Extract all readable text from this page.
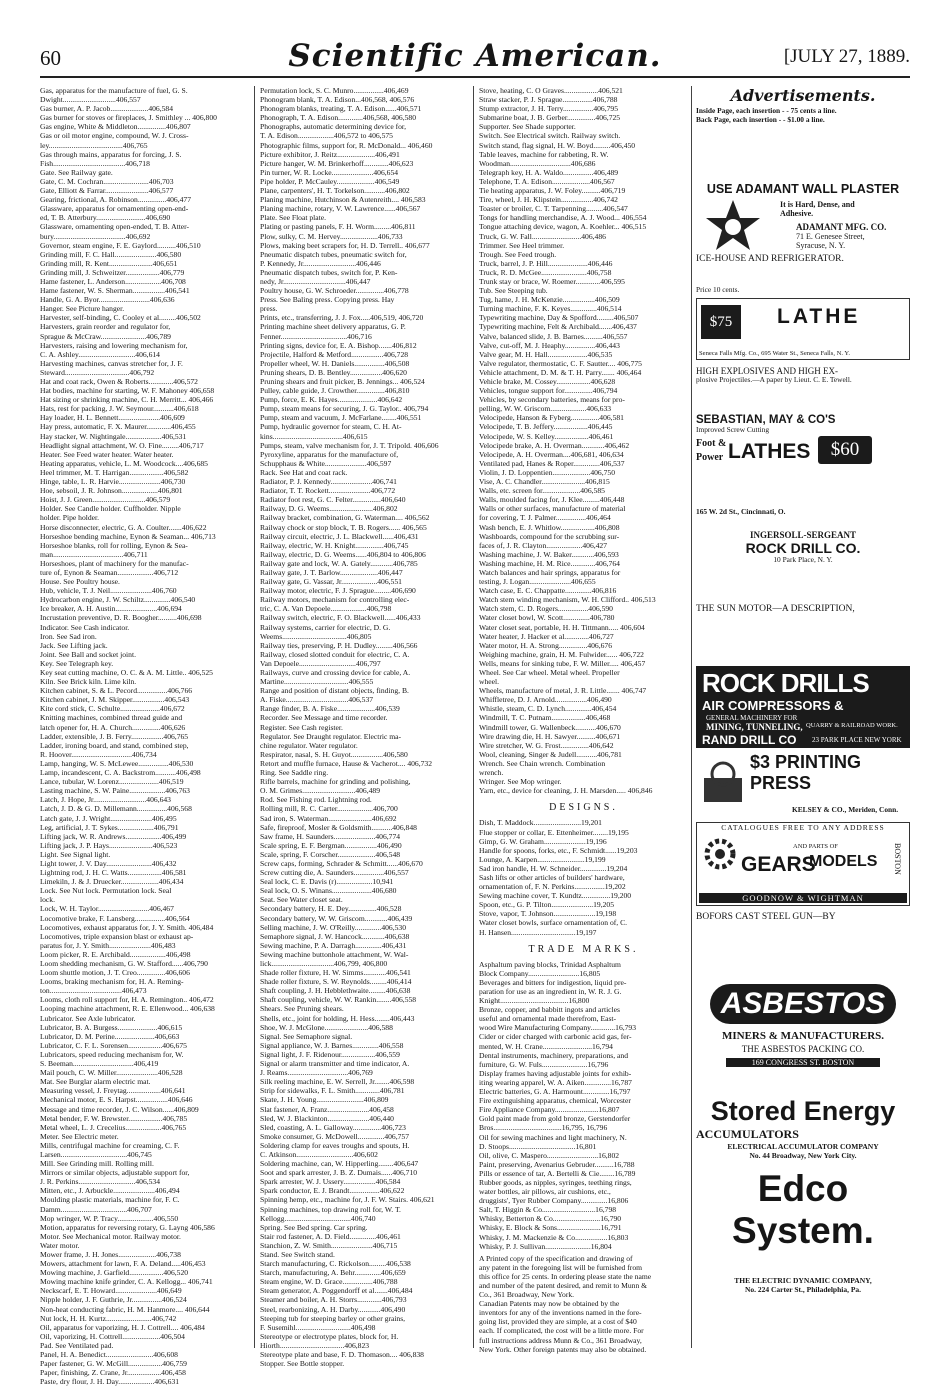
60	Scientific American.	[JULY 27, 1889.
Gas, apparatus for the manufacture of fuel, G. S.
Dwight............................406,557
Gas burner, A. P. Jacob....................406,584
Gas burner for stoves or fireplaces, J. Smithley ... 406,800
Gas engine, White & Middleton...............406,807
Gas or oil motor engine, compound, W. J. Cross-
ley.......................................406,765
Gas through mains, apparatus for forcing, J. S.
Fish......................................406,718
Gate. See Railway gate.
Gate, C. M. Cochran........................406,703
Gate, Elliott & Farrar.......................406,577
Gearing, frictional, A. Robinson...............406,477
Glassware, apparatus for ornamenting open-end-
ed, T. B. Atterbury..........................406,690
Glassware, ornamenting open-ended, T. B. Atter-
bury......................................406,692
Governor, steam engine, F. E. Gaylord..........406,510
Grinding mill, F. C. Hall......................406,580
Grinding mill, R. Kent.......................406,651
Grinding mill, J. Schweitzer..................406,779
Hame fastener, L. Anderson...................406,708
Hame fastener, W. S. Sherman.................406,541
Handle, G. A. Byor...........................406,636
Hanger. See Picture hanger.
Harvester, self-binding, C. Cooley et al.........406,502
Harvesters, grain reorder and regulator for,
Sprague & McCraw........................406,789
Harvesters, raising and lowering mechanism for,
C. A. Ashley..............................406,614
Harvesting machines, canvas stretcher for, J. F.
Steward..................................406,792
Hat and coat rack, Owen & Roberts.............406,572
Hat bodies, machine for starting, W. F. Mahoney 406,658
Hat sizing or shrinking machine, C. H. Merritt... 406,466
Hats, rest for packing, J. W. Seymour...........406,618
Hay loader, H. L. Bennett......................406,609
Hay press, automatic, F. X. Maurer.............406,455
Hay stacker, W. Nightingale...................406,531
Headlight signal attachment, W. O. Fine.........406,717
Heater. See Feed water heater. Water heater.
Heating apparatus, vehicle, L. M. Woodcock....406,685
Heel trimmer, M. T. Harrigan..................406,582
Hinge, table, L. R. Harvie......................406,730
Hoe, sebsoil, J. R. Johnson...................406,801
Hoist, J. J. Green............................406,579
Holder. See Candle holder. Cuffholder. Nipple
holder. Pipe holder.
Horse disconnecter, electric, G. A. Coulter.......406,622
Horseshoe bending machine, Eynon & Seaman... 406,713
Horseshoe blanks, roll for rolling, Eynon & Sea-
man.....................................406,711
Horseshoes, plant of machinery for the manufac-
ture of, Eynon & Seaman...................406,712
House. See Poultry house.
Hub, vehicle, T. J. Neil......................406,760
Hydrocarbon engine, J. W. Schiltz..............406,540
Ice breaker, A. H. Austin......................406,694
Incrustation preventive, D. R. Boogher..........406,698
Indicator. See Cash indicator.
Iron. See Sad iron.
Jack. See Lifting jack.
Joint. See Ball and socket joint.
Key. See Telegraph key.
Key seat cutting machine, O. C. & A. M. Little.. 406,525
Kiln. See Brick kiln. Lime kiln.
Kitchen cabinet, S. & L. Pecord................406,766
Kitchen cabinet, J. M. Skipper.................406,543
Kite cord stick, C. Schulte.....................406,672
Knitting machines, combined thread guide and
latch opener for, H. A. Church...............406,626
Ladder, extensible, J. B. Ferry.................406,765
Ladder, ironing board, and stand, combined step,
R. Hoover................................406,734
Lamp, hanging, W. S. McLewee................406,530
Lamp, incandescent, C. A. Backstrom...........406,498
Lance, tubular, W. Lorenz.....................406,519
Lasting machine, S. W. Paine...................406,763
Latch, J. Hope, Jr............................406,643
Latch, J. D. & G. D. Millemann................406,568
Latch gate, J. J. Wright......................406,495
Leg, artificial, J. T. Sykes...................406,791
Lifting jack, W. R. Andrews...................406,499
Lifting jack, J. P. Hays.......................406,523
Light. See Signal light.
Light tower, J. V. Day........................406,432
Lightning rod, J. H. C. Watts..................406,581
Limekiln, J. & J. Druecker....................406,434
Lock. See Nut lock. Permutation lock. Seal
lock.
Lock, W. H. Taylor...........................406,467
Locomotive brake, F. Lansberg................406,564
Locomotives, exhaust apparatus for, J. Y. Smith. 406,484
Locomotives, triple expansion blast or exhaust ap-
paratus for, J. Y. Smith......................406,483
Loom picker, R. E. Archibald...................406,498
Loom shedding mechanism, G. W. Stafford......406,790
Loom shuttle motion, J. T. Creo...............406,606
Looms, braking mechanism for, H. A. Reming-
ton......................................406,473
Looms, cloth roll support for, H. A. Remington.. 406,472
Looping machine attachment, R. E. Ellenwood... 406,638
Lubricator. See Axle lubricator.
Lubricator, B. A. Burgess.....................406,615
Lubricator, D. M. Perine.....................406,663
Lubricator, C. F. L. Sorensen..................406,675
Lubricators, speed reducing mechanism for, W.
S. Beeman................................406,419
Mail pouch, C. W. Miller......................406,528
Mat. See Burglar alarm electric mat.
Measuring vessel, J. Freytag..................406,641
Mechanical motor, E. S. Harpst.................406,646
Message and time recorder, J. C. Wilson......406,809
Metal bender, F. W. Brewster..................406,785
Metal wheel, L. J. Crecelius...................406,765
Meter. See Electric meter.
Mills, centrifugal machine for creaming, C. F.
Larsen...................................406,745
Mill. See Grinding mill. Rolling mill.
Mirrors or similar objects, adjustable support for,
J. R. Perkins..............................406,534
Mitten, etc., J. Arbuckle......................406,494
Moulding plastic materials, machine for, F. C.
Damm...................................406,707
Mop wringer, W. P. Tracy...................406,550
Motion, apparatus for reversing rotary, G. Layng 406,586
Motor. See Mechanical motor. Railway motor.
Water motor.
Mower frame, J. H. Jones....................406,738
Mowers, attachment for lawn, F. A. Deland.....406,453
Mowing machine, J. Garfield..................406,520
Mowing machine knife grinder, C. A. Kellogg... 406,741
Neckscarf, E. T. Howard......................406,649
Nipple holder, J. F. Guthrie, Jr................406,524
Non-heat conducting fabric, H. M. Hanmore.... 406,644
Nut lock, H. H. Kurtz........................406,742
Oil, apparatus for vaporizing, H. J. Cottrell.... 406,484
Oil, vaporizing, H. Cottrell....................406,504
Pad. See Ventilated pad.
Panel, H. A. Benedict.........................406,608
Paper fastener, G. W. McGill..................406,759
Paper, finishing, Z. Crane, Jr..................406,458
Paste, dry flour, J. H. Day...................406,631
Permutation lock, S. C. Munro................406,469
Phonogram blank, T. A. Edison...406,568, 406,576
Phonogram blanks, treating, T. A. Edison......406,571
Phonograph, T. A. Edison.............406,568, 406,580
Phonographs, automatic determining device for,
T. A. Edison...................406,572 to 406,575
Photographic films, support for, R. McDonald... 406,460
Picture exhibitor, J. Reitz....................406,491
Picture hanger, W. M. Brinkerhoff.............406,623
Pin turner, W. R. Locke......................406,654
Pipe holder, P. McCauley....................406,549
Plane, carpenters', H. T. Torkelson...........406,802
Planing machine, Hutchinson & Autenreith.... 406,583
Planing machine, rotary, V. W. Lawrence......406,567
Plate. See Float plate.
Plating or pasting panels, F. H. Worm.........406,811
Plow, sulky, C. M. Hervey....................406,733
Plows, making beet scrapers for, H. D. Terrell.. 406,677
Pneumatic dispatch tubes, pneumatic switch for,
P. Kennedy, Jr............................406,446
Pneumatic dispatch tubes, switch for, P. Ken-
nedy, Jr.................................406,447
Poultry house, G. W. Schroeder...............406,778
Press. See Baling press. Copying press. Hay
press.
Prints, etc., transferring, J. J. Fox.....406,519, 406,720
Printing machine sheet delivery apparatus, G. P.
Fenner...................................406,716
Printing signs, device for, E. A. Bishop.......406,812
Projectile, Halford & Metford.................406,728
Propeller wheel, W. H. Daniels................406,508
Pruning shears, D. B. Bentley.................406,620
Pruning shears and fruit picker, B. Jennings... 406,524
Pulley, cable guide, J. Crowther...............406,810
Pump, force, E. K. Hayes.....................406,642
Pump, steam means for securing, J. G. Taylor.. 406,794
Pump, steam and vacuum, J. McFarlane........406,551
Pump, hydraulic governor for steam, C. H. At-
kins.....................................406,615
Pumps, steam, valve mechanism for, J. T. Tripold. 406,606
Pyroxyline, apparatus for the manufacture of,
Schupphaus & White......................406,597
Rack. See Hat and coat rack.
Radiator, P. J. Kennedy......................406,741
Radiator, T. T. Rockett......................406,772
Radiator foot rest, G. C. Felter...............406,640
Railway, D. G. Weems.......................406,802
Railway bracket, combination, G. Waterman.... 406,562
Railway chock or stop block, T. B. Rogers...... 406,565
Railway circuit, electric, J. L. Blackwell......406,431
Railway, electric, W. H. Knight...............406,745
Railway, electric, D. G. Weems......406,804 to 406,806
Railway gate and lock, W. A. Gately............406,785
Railway gate, J. T. Barlow....................406,447
Railway gate, G. Vassar, Jr...................406,551
Railway motor, electric, F. J. Sprague.........406,690
Railway motors, mechanism for controlling elec-
tric, C. A. Van Depoele...................406,798
Railway switch, electric, F. O. Blackwell......406,433
Railway systems, carrier for electric, D. G.
Weems..................................406,805
Railway ties, preserving, P. H. Dudley.........406,566
Railway, closed slotted conduit for electric, C. A.
Van Depoele..............................406,797
Railways, curve and crossing device for cable, A.
Martine..................................406,555
Range and position of distant objects, finding, B.
A. Fiske.................................406,537
Range finder, B. A. Fiske....................406,539
Recorder. See Message and time recorder.
Register. See Cash register.
Regulator. See Draught regulator. Electric ma-
chine regulator. Water regulator.
Respirator, nasal, S. H. Guyot.................406,580
Retort and muffle furnace, Hause & Vacherot.... 406,732
Ring. See Saddle ring.
Rifle barrels, machine for grinding and polishing,
O. M. Grimes............................406,489
Rod. See Fishing rod. Lightning rod.
Rolling mill, R. C. Carter...................406,700
Sad iron, S. Waterman.......................406,692
Safe, fireproof, Mosler & Goldsmith...........406,848
Saw frame, H. Saunders......................406,774
Scale spring, E. F. Bergman.................406,490
Scale, spring, F. Corscher....................406,548
Screw caps, forming, Schrader & Schmitt......406,670
Screw cutting die, A. Saunders................406,557
Seal lock, C. E. Davis (r)...................10,941
Seal lock, O. S. Winans.....................406,680
Seat. See Water closet seat.
Secondary battery, H. E. Dey...............406,528
Secondary battery, W. W. Griscom............406,439
Selling machine, J. W. O'Reilly..............406,530
Semaphore signal, J. W. Hancock............406,638
Sewing machine, P. A. Darragh..............406,431
Sewing machine buttonhole attachment, W. Wal-
lick.................................406,799, 406,800
Shade roller fixture, H. W. Simms............406,541
Shade roller fixture, S. W. Reynolds.........406,414
Shaft coupling, J. H. Hebblethwaite.........406,638
Shaft coupling, vehicle, W. W. Rankin........406,558
Shears. See Pruning shears.
Shells, etc., joint for holding, H. Hess........406,443
Shoe, W. J. McGlone.......................406,588
Signal. See Semaphore signal.
Signal appliance, W. J. Barnes..............406,558
Signal light, J. F. Ridenour..................406,559
Signal or alarm transmitter and time indicator, A.
J. Reams................................406,769
Silk reeling machine, E. W. Serrell, Jr........406,598
Strip for sidewalks, F. L. Smith.............406,781
Skate, J. H. Young.........................406,809
Slat fastener, A. Franz......................406,458
Sled, W. J. Blackinton......................406,440
Sled, coasting, A. L. Galloway...............406,723
Smoke consumer, G. McDowell..............406,757
Soldering clamp for eaves troughs and spouts, H.
C. Atkinson..............................406,602
Soldering machine, can, W. Hipperling........406,647
Soot and spark arrester, J. B. Z. Dumais......406,710
Spark arrester, W. J. Ussery.................406,584
Spark conductor, E. J. Brandt................406,622
Spinning hemp, etc., machine for, J. F. W. Stairs. 406,621
Spinning machines, top drawing roll for, W. T.
Kellogg...................................406,740
Spring. See Bed spring. Car spring.
Stair rod fastener, A. D. Field..............406,461
Stanchion, Z. W. Smith......................406,715
Stand. See Switch stand.
Starch manufacturing, C. Rickolson.........406,538
Starch, manufacturing, A. Behr..............406,659
Steam engine, W. D. Grace................406,788
Steam generator, A. Poggendorff et al.......406,484
Steamer and boiler, A. H. Storrs.............406,793
Steel, rearbonizing, A. H. Darby............406,490
Steeping tub for steeping barley or other grains,
F. Susemihl.............................406,498
Stereotype or electrotype plates, block for, H.
Hiorth..................................406,823
Stereotype plate and base, F. D. Thomason.... 406,838
Stopper. See Bottle stopper.
Stove, heating, C. O Graves..................406,521
Straw stacker, P. J. Sprague................406,788
Stump extractor, J. H. Terry................406,795
Submarine boat, J. B. Gerber...............406,725
Supporter. See Shade supporter.
Switch. See Electrical switch. Railway switch.
Switch stand, flag signal, H. W. Boyd.........406,450
Table leaves, machine for rabbeting, R. W.
Woodman................................406,686
Telegraph key, H. A. Waldo................406,489
Telephone, T. A. Edison....................406,567
Tie heating apparatus, J. W. Foley..........406,719
Tire, wheel, J. H. Klipstein.................406,742
Toaster or broiler, C. T. Tarpenning.........406,547
Tongs for handling merchandise, A. J. Wood... 406,554
Tongue attaching device, wagon, A. Koehler... 406,515
Truck, G. W. Fall..........................406,486
Trimmer. See Heel trimmer.
Trough. See Feed trough.
Truck, barrel, J. P. Hill.....................406,446
Truck, R. D. McGee........................406,758
Trunk stay or brace, W. Roemer.............406,595
Tub. See Steeping tub.
Tug, hame, J. H. McKenzie.................406,509
Turning machine, F. K. Keyes..............406,514
Typewriting machine, Day & Spofford.........406,507
Typewriting machine, Felt & Archibald.......406,437
Valve, balanced slide, J. B. Barnes..........406,557
Valve, cut-off, M. J. Heaphy................406,443
Valve gear, M. H. Hall.....................406,535
Valve regulator, thermostatic, C. F. Sautter.... 406,775
Vehicle attachment, D. M. & T. H. Parry....... 406,464
Vehicle brake, M. Cossey..................406,628
Vehicles, tongue support for...............406,794
Vehicles, by secondary batteries, means for pro-
pelling, W. W. Griscom...................406,633
Velocipede, Hanson & Fyberg...............406,581
Velocipede, T. B. Jeffery..................406,445
Velocipede, W. S. Kelley..................406,461
Velocipede brake, A. H. Overman............406,462
Velocipede, A. H. Overman....406,681, 406,634
Ventilated pad, Hanes & Roper..............406,537
Violin, J. D. Loppentien....................406,750
Vise, A. C. Chandler.......................406,815
Walls, etc. screen for....................406,585
Walls, moulded facing for, J. Klee.........406,448
Walls or other surfaces, manufacture of material
for covering, T. J. Palmer................406,464
Wash bench, E. J. Whitlow..................406,808
Washboards, compound for the scrubbing sur-
faces of, J. R. Clayton...................406,427
Washing machine, J. W. Baker............406,593
Washing machine, H. M. Rice.............406,764
Watch balances and hair springs, apparatus for
testing, J. Logan......................406,655
Watch case, E. C. Chappatte..............406,816
Watch stem winding mechanism, W. H. Clifford.. 406,513
Watch stem, C. D. Rogers................406,590
Water closet bowl, W. Scott..............406,780
Water closet seat, portable, H. H. Tittmann..... 406,604
Water heater, J. Hacker et al.............406,727
Water motor, H. A. Strong...............406,676
Weighing machine, grain, H. M. Fulwider...... 406,722
Wells, means for sinking tube, F. W. Miller..... 406,457
Wheel. See Car wheel. Metal wheel. Propeller
wheel.
Wheels, manufacture of metal, J. R. Little....... 406,747
Whiffletree, D. J. Arnold.................406,490
Whistle, steam, C. D. Lynch..............406,454
Windmill, T. C. Putnam..................406,468
Windmill tower, G. Wallenbeck...........406,670
Wire drawing die, H. H. Sawyer..........406,671
Wire stretcher, W. G. Frost...............406,642
Wool, cleaning, Singer & Judell...........406,781
Wrench. See Chain wrench. Combination
wrench.
Wringer. See Mop wringer.
Yarn, etc., device for cleaning, J. H. Marsden..... 406,846
DESIGNS.
Dish, T. Maddock.........................19,201
Flue stopper or collar, E. Ettenheimer........19,195
Gimp, G. W. Graham......................19,196
Handle for spoons, forks, etc., F. Schmidt......19,203
Lounge, A. Karpen.........................19,199
Sad iron handle, H. W. Schneider..............19,204
Sash lifts or other articles of builders' hardware,
ornamentation of, F. N. Perkins................19,202
Sewing machine cover, T. Kundtz...............19,200
Spoon, etc., G. P. Tilton......................19,205
Stove, vapor, T. Johnson......................19,198
Water closet bowls, surface ornamentation of, C.
H. Hansen..................................19,197
TRADE MARKS.
Asphaltum paving blocks, Trinidad Asphaltum
Block Company...........................16,805
Beverages and bitters for indigestion, liquid pre-
paration for use as an ingredient in, W. R. J. G.
Knight....................................16,800
Bronze, copper, and babbitt ingots and articles
useful and ornamental made therefrom, East-
wood Wire Manufacturing Company.............16,793
Cider or cider charged with carbonic acid gas, fer-
mented, W. H. Crane..........................16,794
Dental instruments, machinery, preparations, and
furniture, G. W. Fuls........................16,796
Display frames having adjustable joints for exhib-
iting wearing apparel, W. A. Aiken..............16,787
Electric batteries, G. A. Harmount..............16,797
Fire extinguishing apparatus, chemical, Worcester
Fire Appliance Company.......................16,807
Gold paint made from gold bronze, Gerstendorfer
Bros....................................16,795, 16,796
Oil for sewing machines and light machinery, N.
D. Stoops...................................16,801
Oil, olive, C. Maspero...........................16,802
Paint, preserving, Avenarius Gebruder..........16,788
Pills or essence of tar, A. Bertelli & Cie........16,789
Rubber goods, as nipples, syringes, teething rings,
water bottles, air pillows, air cushions, etc.,
druggists', Tyer Rubber Company..............16,806
Salt, T. Higgin & Co............................16,798
Whisky, Betterton & Co.........................16,790
Whisky, E. Block & Sons.......................16,791
Whisky, J. M. Mackenzie & Co.................16,803
Whisky, P. J. Sullivan........................16,804
A Printed copy of the specification and drawing of
any patent in the foregoing list will be furnished from
this office for 25 cents. In ordering please state the name
and number of the patent desired, and remit to Munn &
Co., 361 Broadway, New York.
Canadian Patents may now be obtained by the
inventors for any of the inventions named in the fore-
going list, provided they are simple, at a cost of $40
each. If complicated, the cost will be a little more. For
full instructions address Munn & Co., 361 Broadway,
New York. Other foreign patents may also be obtained.
Advertisements.
Inside Page, each insertion - - 75 cents a line.
Back Page, each insertion - - $1.00 a line.
USE ADAMANT WALL PLASTER
It is Hard, Dense, and
Adhesive.
ADAMANT MFG. CO.
71 E. Genesee Street,
Syracuse, N. Y.
ICE-HOUSE AND REFRIGERATOR.
Price 10 cents.
$75	LATHE
Seneca Falls Mfg. Co., 695 Water St., Seneca Falls, N. Y.
HIGH EXPLOSIVES AND HIGH EX-
plosive Projectiles.—A paper by Lieut. C. E. Tewell.
SEBASTIAN, MAY & CO'S
Improved Screw Cutting
Foot &
Power LATHES	$60
165 W. 2d St., Cincinnati, O.
INGERSOLL-SERGEANT
ROCK DRILL CO.
10 Park Place, N. Y.
THE SUN MOTOR—A DESCRIPTION,
ROCK DRILLS
AIR COMPRESSORS &
GENERAL MACHINERY FOR
MINING, TUNNELING, QUARRY & RAILROAD WORK.
RAND DRILL CO 23 PARK PLACE NEW YORK
$3 PRINTING PRESS
KELSEY & CO., Meriden, Conn.
CATALOGUES FREE TO ANY ADDRESS
GEARS
AND PARTS OF
MODELS BOSTON
GOODNOW & WIGHTMAN
BOFORS CAST STEEL GUN—BY
ASBESTOS
MINERS & MANUFACTURERS.
THE ASBESTOS PACKING CO.
169 CONGRESS ST. BOSTON
Stored Energy
ACCUMULATORS
ELECTRICAL ACCUMULATOR COMPANY
No. 44 Broadway, New York City.
Edco System.
THE ELECTRIC DYNAMIC COMPANY,
No. 224 Carter St., Philadelphia, Pa.
